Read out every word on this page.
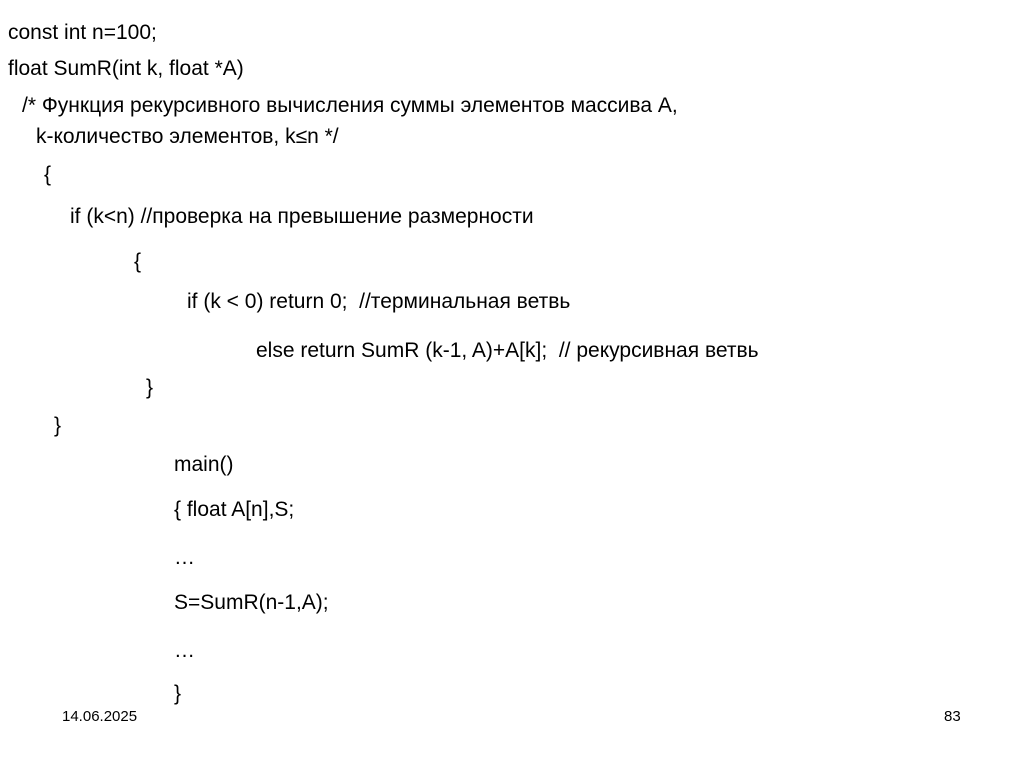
const int n=100;
float SumR(int k, float *A)
/* Функция рекурсивного вычисления суммы элементов массива A,
k-количество элементов, k≤n */
{
if (k<n) //проверка на превышение размерности
{
if (k < 0) return 0;  //терминальная ветвь
else return SumR (k-1, A)+A[k];  // рекурсивная ветвь
}
}
main()
{ float A[n],S;
…
S=SumR(n-1,A);
…
}
14.06.2025	83
